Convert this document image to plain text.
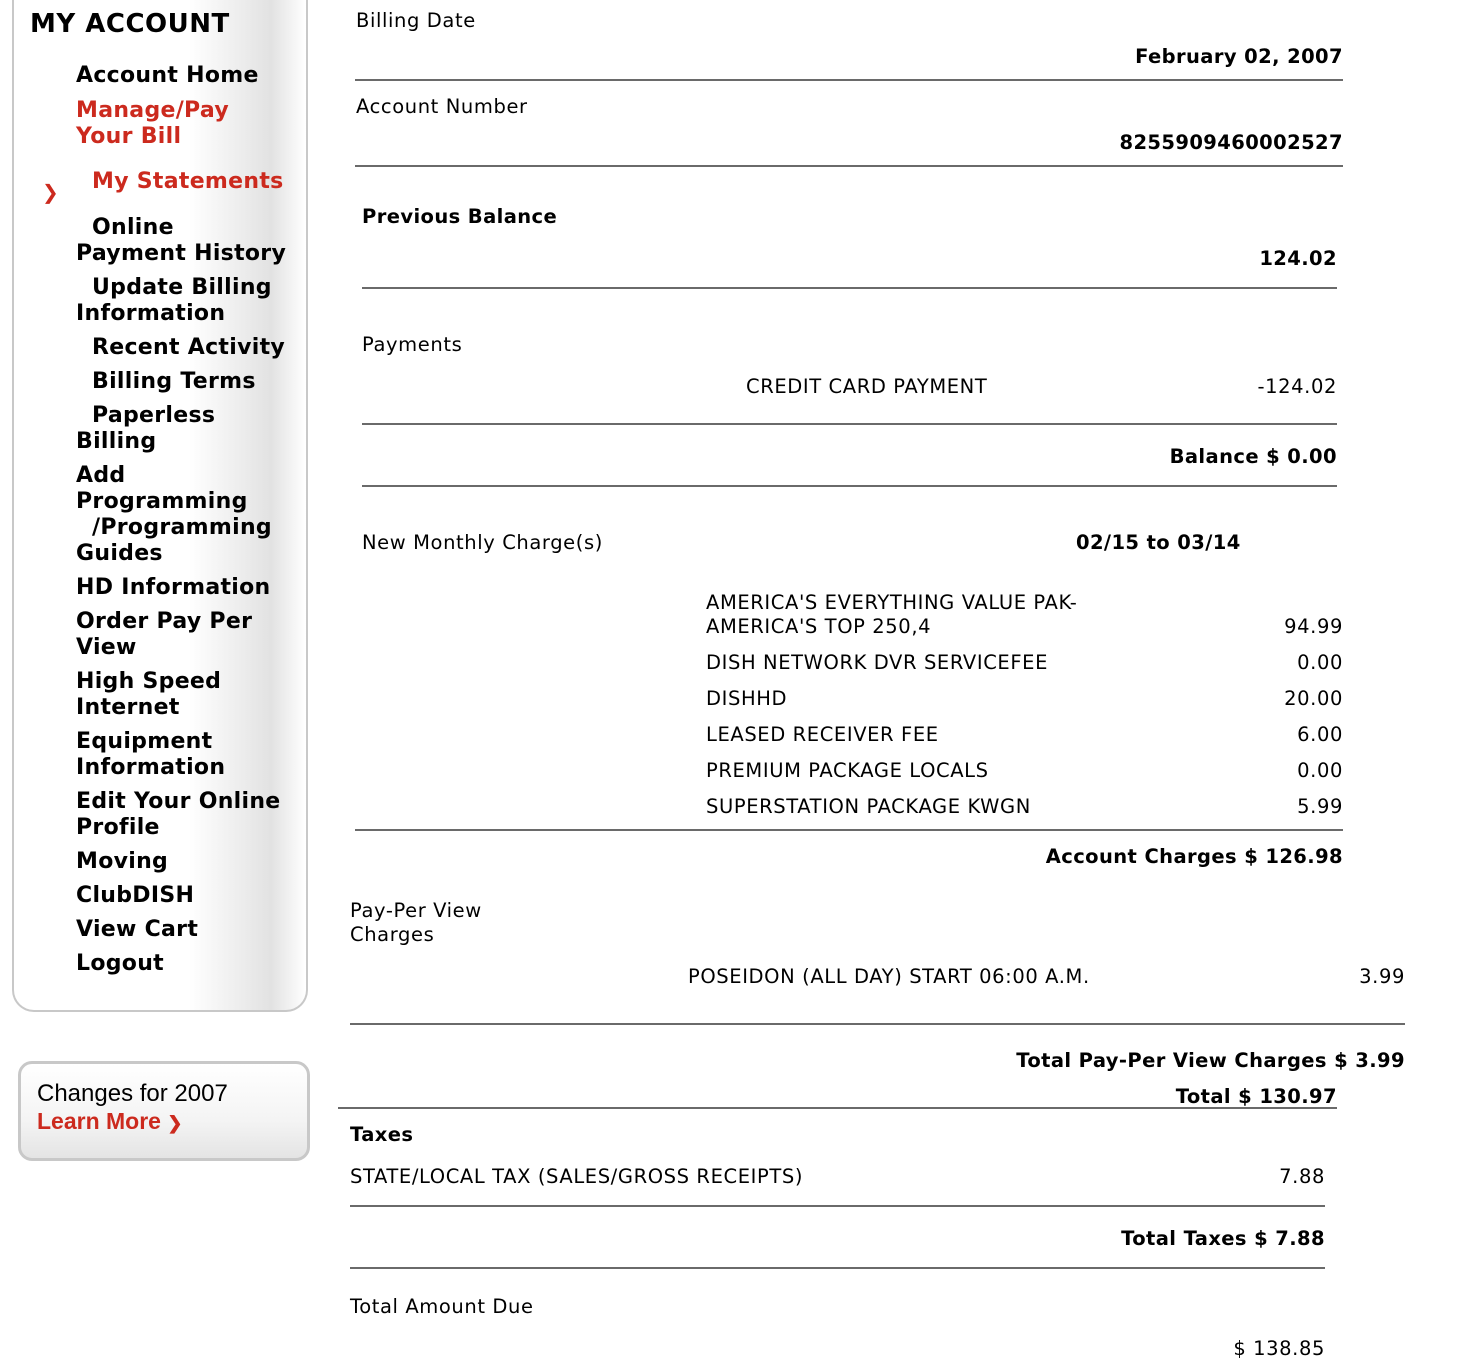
MY ACCOUNT
Account Home
Manage/Pay
Your Bill
❯	My Statements
Online
Payment History
Update Billing
Information
Recent Activity
Billing Terms
Paperless
Billing
Add
Programming
/Programming
Guides
HD Information
Order Pay Per
View
High Speed
Internet
Equipment
Information
Edit Your Online
Profile
Moving
ClubDISH
View Cart
Logout
Changes for 2007
Learn More ❯
Billing Date
February 02, 2007
Account Number
8255909460002527
Previous Balance
124.02
Payments
CREDIT CARD PAYMENT	-124.02
Balance $ 0.00
New Monthly Charge(s)	02/15 to 03/14
AMERICA'S EVERYTHING VALUE PAK-
AMERICA'S TOP 250,4	94.99
DISH NETWORK DVR SERVICEFEE	0.00
DISHHD	20.00
LEASED RECEIVER FEE	6.00
PREMIUM PACKAGE LOCALS	0.00
SUPERSTATION PACKAGE KWGN	5.99
Account Charges $ 126.98
Pay-Per View
Charges
POSEIDON (ALL DAY) START 06:00 A.M.	3.99
Total Pay-Per View Charges $ 3.99
Total $ 130.97
Taxes
STATE/LOCAL TAX (SALES/GROSS RECEIPTS)	7.88
Total Taxes $ 7.88
Total Amount Due
$ 138.85
